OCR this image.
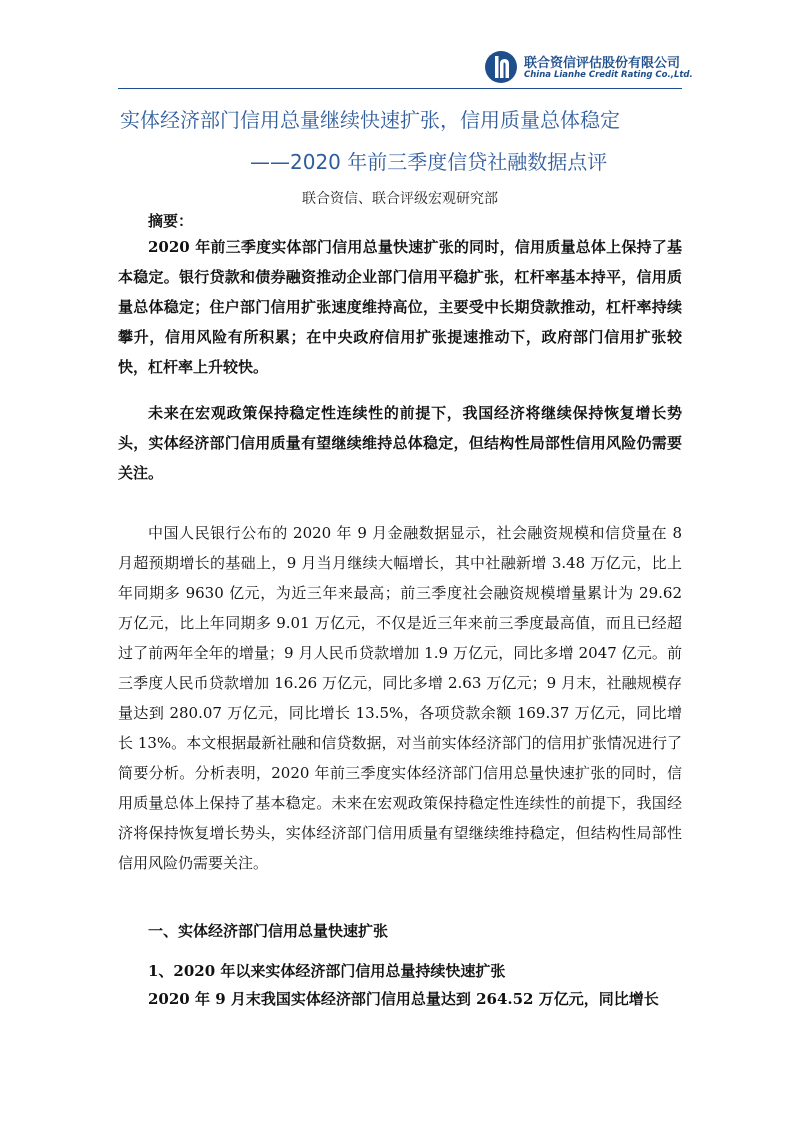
联合资信评估股份有限公司
China Lianhe Credit Rating Co.,Ltd.
实体经济部门信用总量继续快速扩张，信用质量总体稳定
——2020 年前三季度信贷社融数据点评
联合资信、联合评级宏观研究部
摘要：

2020 年前三季度实体部门信用总量快速扩张的同时，信用质量总体上保持了基本稳定。银行贷款和债券融资推动企业部门信用平稳扩张，杠杆率基本持平，信用质量总体稳定；住户部门信用扩张速度维持高位，主要受中长期贷款推动，杠杆率持续攀升，信用风险有所积累；在中央政府信用扩张提速推动下，政府部门信用扩张较快，杠杆率上升较快。

未来在宏观政策保持稳定性连续性的前提下，我国经济将继续保持恢复增长势头，实体经济部门信用质量有望继续维持总体稳定，但结构性局部性信用风险仍需要关注。

中国人民银行公布的 2020 年 9 月金融数据显示，社会融资规模和信贷量在 8 月超预期增长的基础上，9 月当月继续大幅增长，其中社融新增 3.48 万亿元，比上年同期多 9630 亿元，为近三年来最高；前三季度社会融资规模增量累计为 29.62 万亿元，比上年同期多 9.01 万亿元，不仅是近三年来前三季度最高值，而且已经超过了前两年全年的增量；9 月人民币贷款增加 1.9 万亿元，同比多增 2047 亿元。前三季度人民币贷款增加 16.26 万亿元，同比多增 2.63 万亿元；9 月末，社融规模存量达到 280.07 万亿元，同比增长 13.5%，各项贷款余额 169.37 万亿元，同比增长 13%。本文根据最新社融和信贷数据，对当前实体经济部门的信用扩张情况进行了简要分析。分析表明，2020 年前三季度实体经济部门信用总量快速扩张的同时，信用质量总体上保持了基本稳定。未来在宏观政策保持稳定性连续性的前提下，我国经济将保持恢复增长势头，实体经济部门信用质量有望继续维持稳定，但结构性局部性信用风险仍需要关注。

一、实体经济部门信用总量快速扩张
1、2020 年以来实体经济部门信用总量持续快速扩张

2020 年 9 月末我国实体经济部门信用总量达到 264.52 万亿元，同比增长
